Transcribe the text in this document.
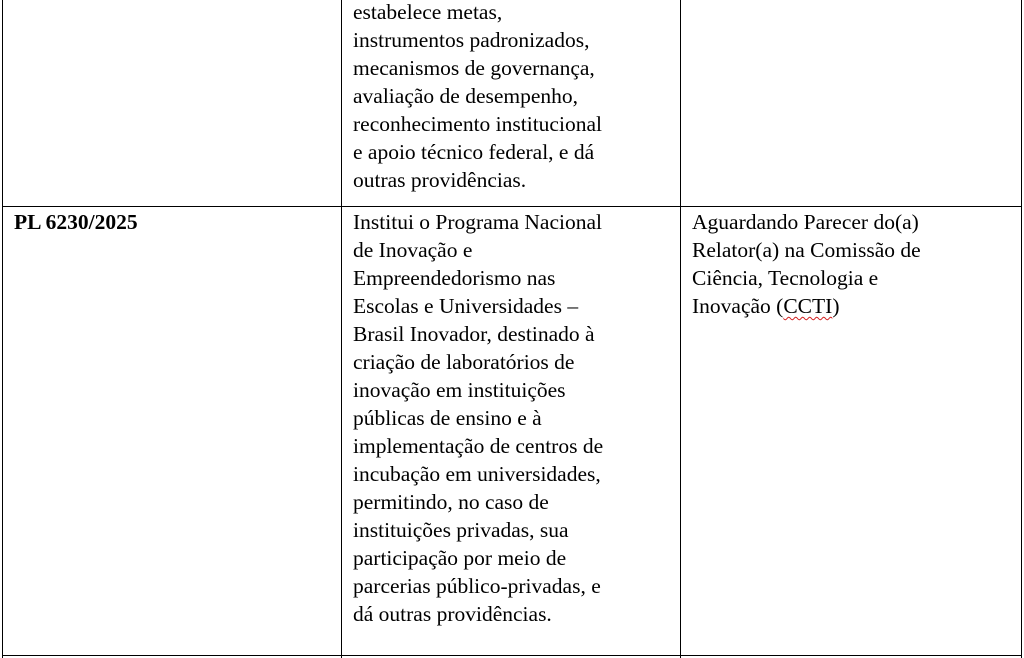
estabelece metas,
instrumentos padronizados,
mecanismos de governança,
avaliação de desempenho,
reconhecimento institucional
e apoio técnico federal, e dá
outras providências.
PL 6230/2025	Institui o Programa Nacional
de Inovação e
Empreendedorismo nas
Escolas e Universidades –
Brasil Inovador, destinado à
criação de laboratórios de
inovação em instituições
públicas de ensino e à
implementação de centros de
incubação em universidades,
permitindo, no caso de
instituições privadas, sua
participação por meio de
parcerias público-privadas, e
dá outras providências.
Aguardando Parecer do(a)
Relator(a) na Comissão de
Ciência, Tecnologia e
Inovação (CCTI)
